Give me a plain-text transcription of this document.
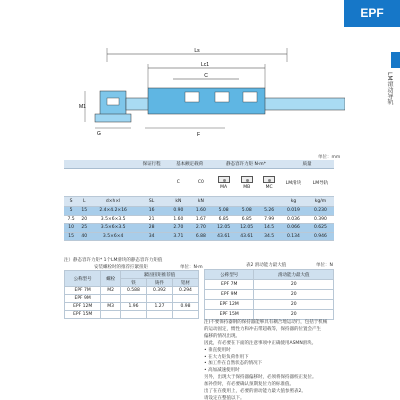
EPF
LM滚动导轨
Ls
Lc1
C
M1
G	F
单位：mm
			保证行程	基本额定载荷		静态容许力矩 N·m*			质量	
				C	C0	MA	MB	MC	LM滑块	LM导轨
S	L	d×h×l	SL	kN	kN				kg	kg/m
5	15	2.4×4.2×16	16	0.90	1.60	5.08	5.08	5.26	0.019	0.230
7.5	20	3.5×6×3.5	21	1.60	1.67	6.85	6.85	7.99	0.036	0.390
10	25	3.5×6×3.5	28	2.70	2.70	12.05	12.05	14.5	0.066	0.625
15	40	3.5×6×4	34	3.71	6.88	43.61	43.61	34.5	0.134	0.946
注）静态容许力矩* 1个LM滑块的静态容许力矩值
安装螺栓时的推荐拧紧扭矩	单位：N·m
公称型号	螺栓	紧固扭矩推荐值		
		铁	铸件	铝材
EPF 7M	M2	0.588	0.392	0.294
EPF 9M				
EPF 12M	M3	1.96	1.27	0.98
EPF 15M				
表2 滑动能力最大值	单位：N
公称型号	滑动能力最大值
EPF 7M	20
EPF 9M	20
EPF 12M	20
EPF 15M	20
注)不要保持器钢的保持器能够具有耦合地运动行，包括于机械
的运动固定，惯性力和冲击带超载等，保持器的位置会产生
偏移的情况出现。
因此，有必要在下面的注意事项中正确使用ASMN滑块。
• 垂直使用时
• 在大力矩负荷作用下
• 加工件在自然状态的情况下
• 高加减速使用时
另外，出现大于保持器偏移时，必须将保持器校正复位。
加补偿时，有必要确认预期复位力的标准值。
出了在在使用上，必要的滑动能力最大值参照表2。
请设定在整值以下。
